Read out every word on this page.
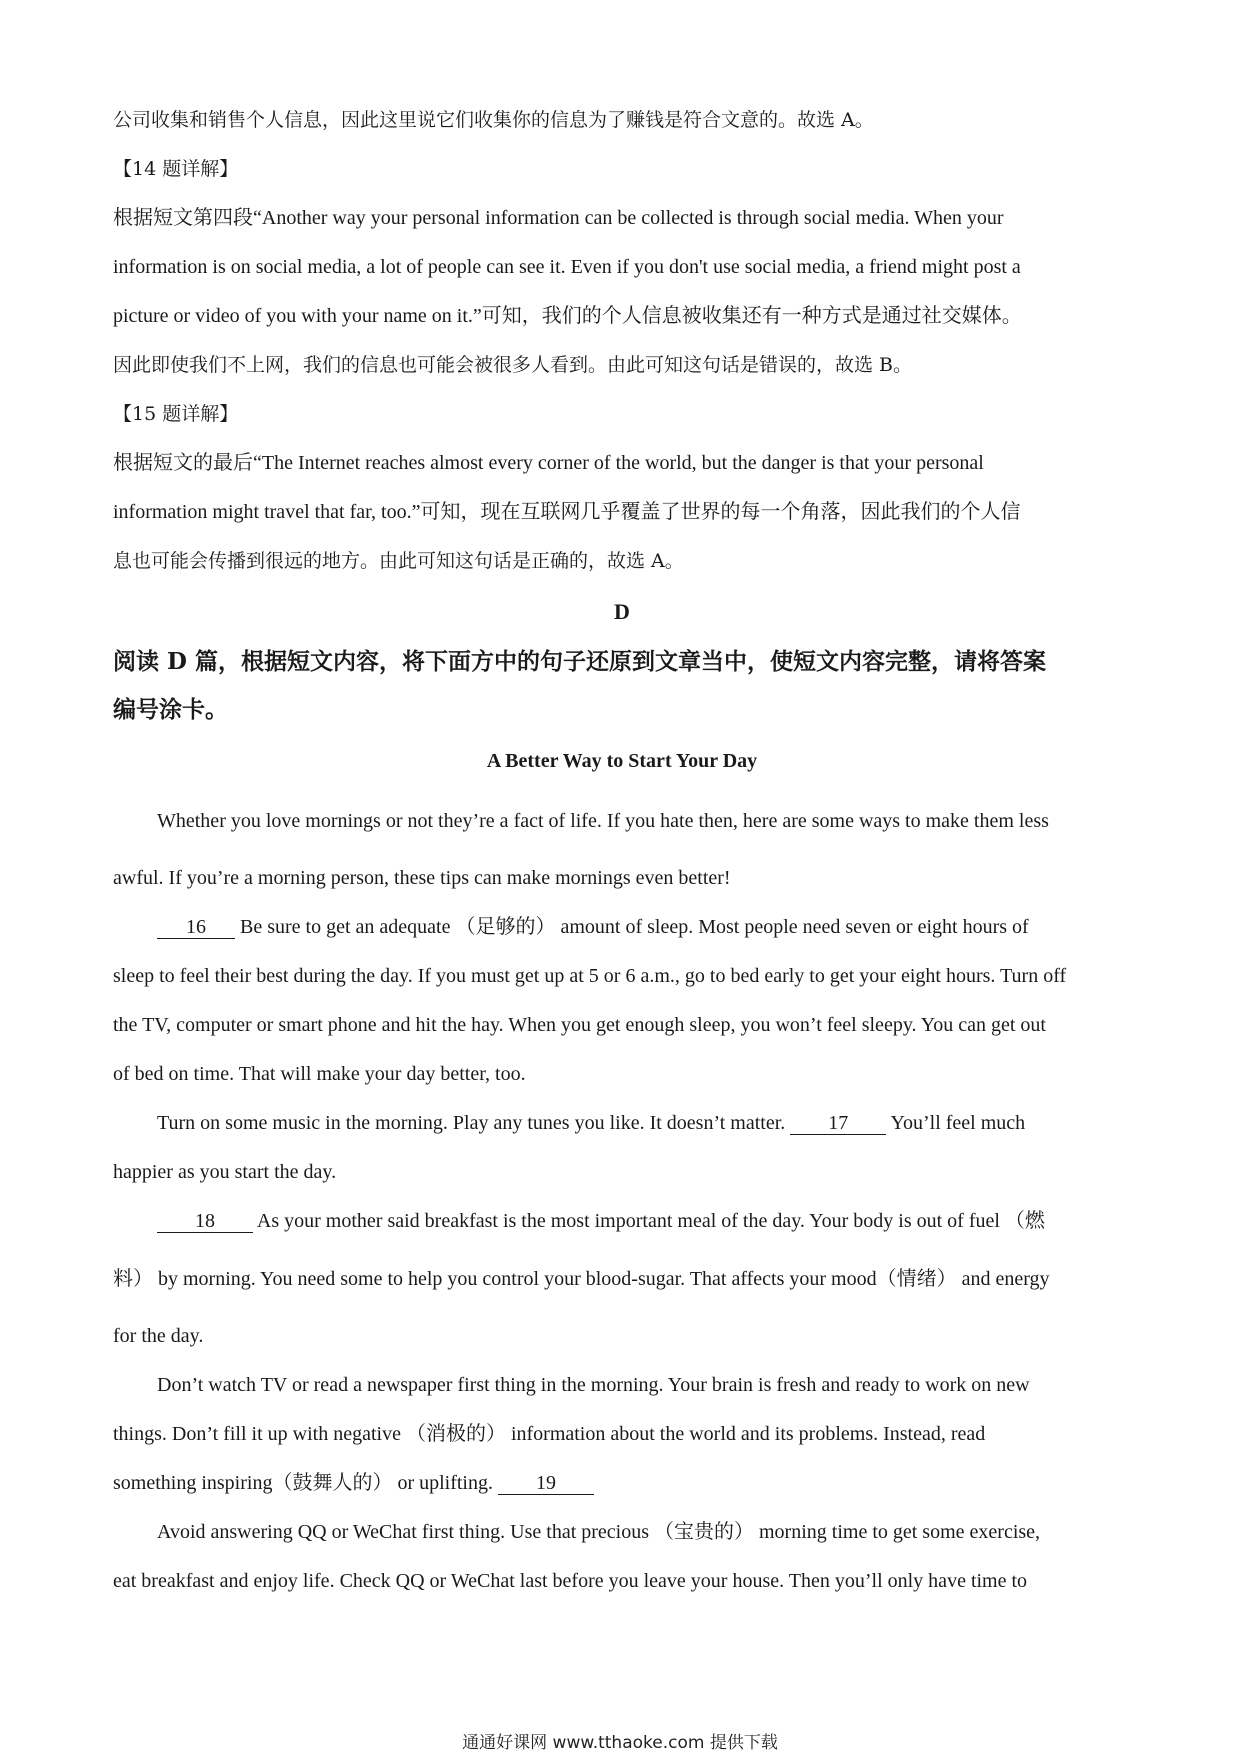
公司收集和销售个人信息，因此这里说它们收集你的信息为了赚钱是符合文意的。故选 A。
【14 题详解】
根据短文第四段“Another way your personal information can be collected is through social media. When your
information is on social media, a lot of people can see it. Even if you don't use social media, a friend might post a
picture or video of you with your name on it.”可知，我们的个人信息被收集还有一种方式是通过社交媒体。
因此即使我们不上网，我们的信息也可能会被很多人看到。由此可知这句话是错误的，故选 B。
【15 题详解】
根据短文的最后“The Internet reaches almost every corner of the world, but the danger is that your personal
information might travel that far, too.”可知，现在互联网几乎覆盖了世界的每一个角落，因此我们的个人信
息也可能会传播到很远的地方。由此可知这句话是正确的，故选 A。
D
阅读 D 篇，根据短文内容，将下面方中的句子还原到文章当中，使短文内容完整，请将答案
编号涂卡。
A Better Way to Start Your Day
Whether you love mornings or not they’re a fact of life. If you hate then, here are some ways to make them less
awful. If you’re a morning person, these tips can make mornings even better!
16 Be sure to get an adequate （足够的） amount of sleep. Most people need seven or eight hours of
sleep to feel their best during the day. If you must get up at 5 or 6 a.m., go to bed early to get your eight hours. Turn off
the TV, computer or smart phone and hit the hay. When you get enough sleep, you won’t feel sleepy. You can get out
of bed on time. That will make your day better, too.
Turn on some music in the morning. Play any tunes you like. It doesn’t matter. 17 You’ll feel much
happier as you start the day.
18 As your mother said breakfast is the most important meal of the day. Your body is out of fuel （燃
料） by morning. You need some to help you control your blood-sugar. That affects your mood（情绪） and energy
for the day.
Don’t watch TV or read a newspaper first thing in the morning. Your brain is fresh and ready to work on new
things. Don’t fill it up with negative （消极的） information about the world and its problems. Instead, read
something inspiring（鼓舞人的） or uplifting. 19
Avoid answering QQ or WeChat first thing. Use that precious （宝贵的） morning time to get some exercise,
eat breakfast and enjoy life. Check QQ or WeChat last before you leave your house. Then you’ll only have time to
通通好课网 www.tthaoke.com 提供下载
